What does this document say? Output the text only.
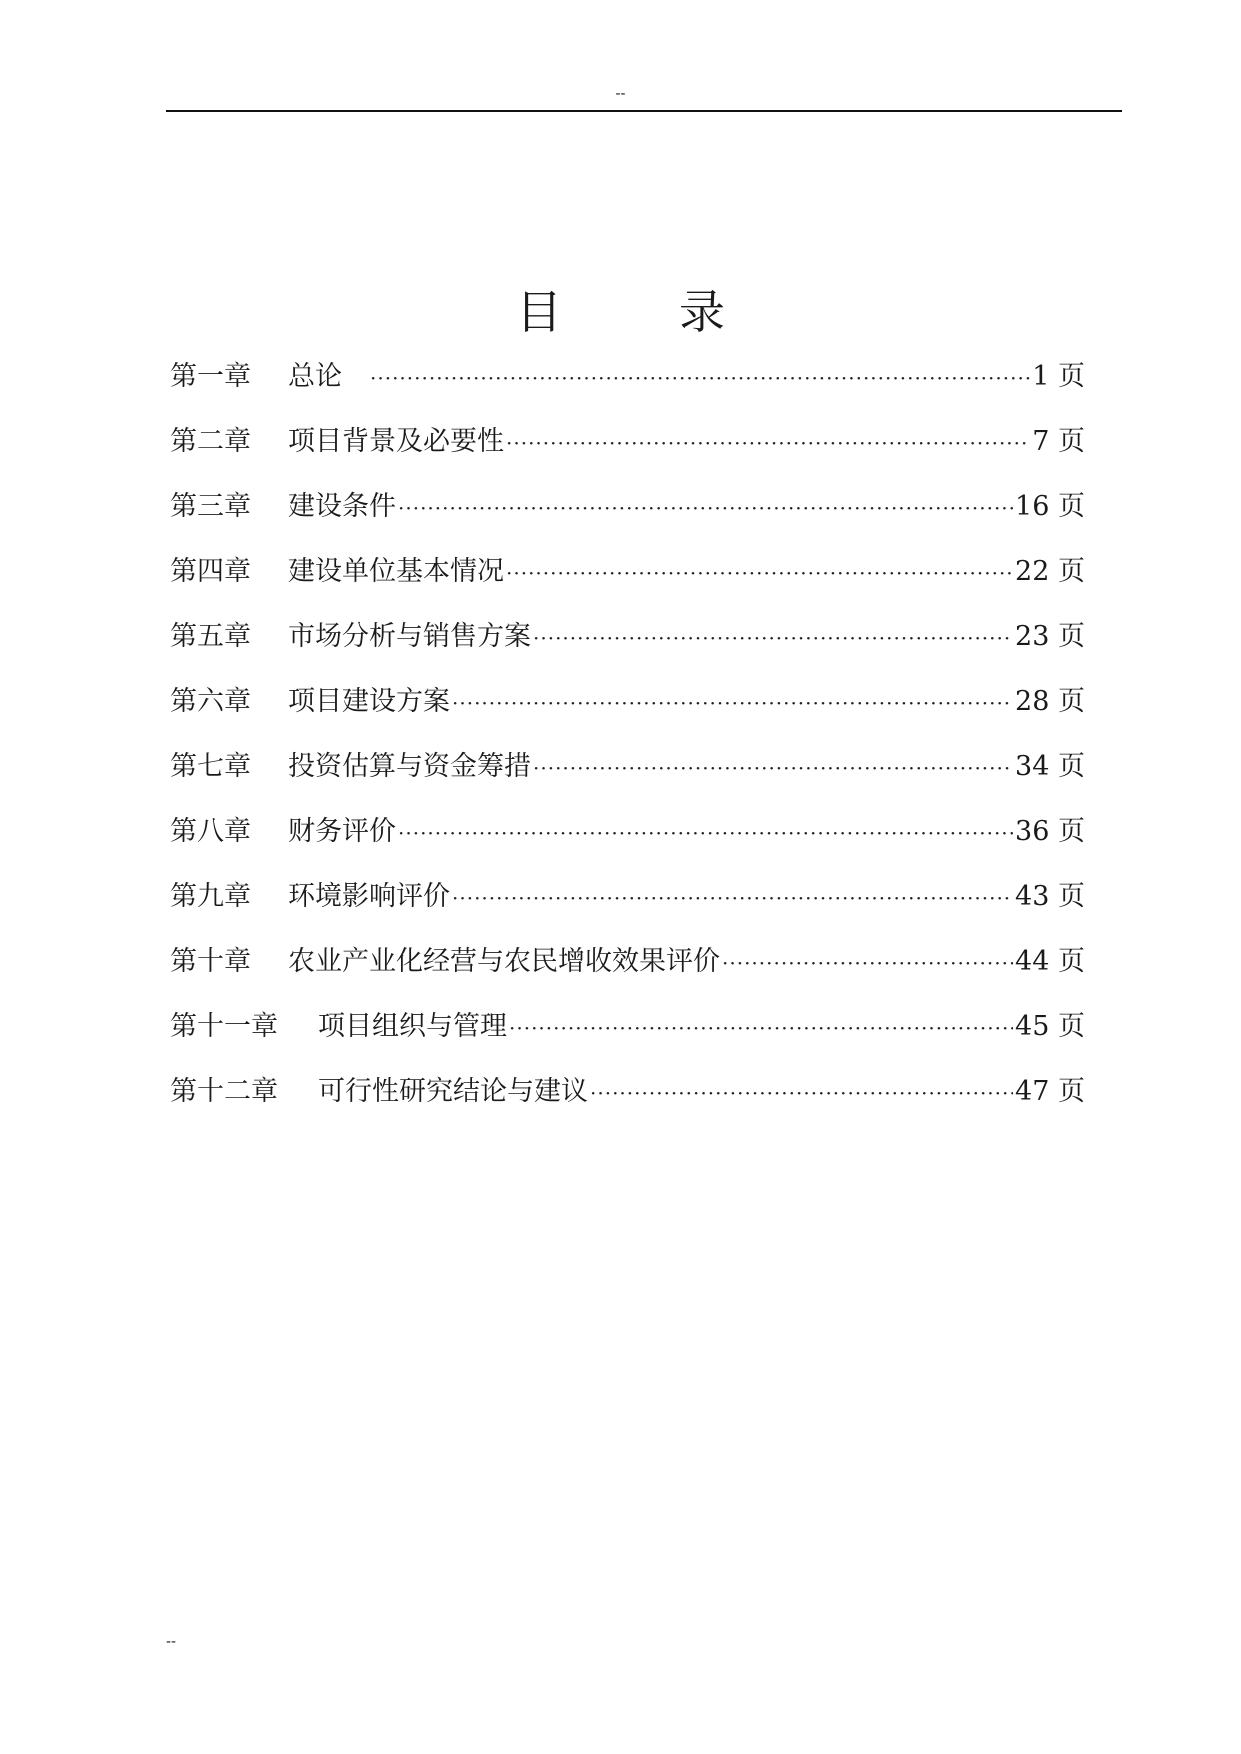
--
目        录
第一章	总论 ·····	1 页
第二章	项目背景及必要性 ·····	7 页
第三章	建设条件 ·····	16 页
第四章	建设单位基本情况 ·····	22 页
第五章	市场分析与销售方案 ·····	23 页
第六章	项目建设方案 ·····	28 页
第七章	投资估算与资金筹措 ·····	34 页
第八章	财务评价 ·····	36 页
第九章	环境影响评价 ·····	43 页
第十章	农业产业化经营与农民增收效果评价 ·····	44 页
第十一章	项目组织与管理 ·····	45 页
第十二章	可行性研究结论与建议 ·····	47 页
--
